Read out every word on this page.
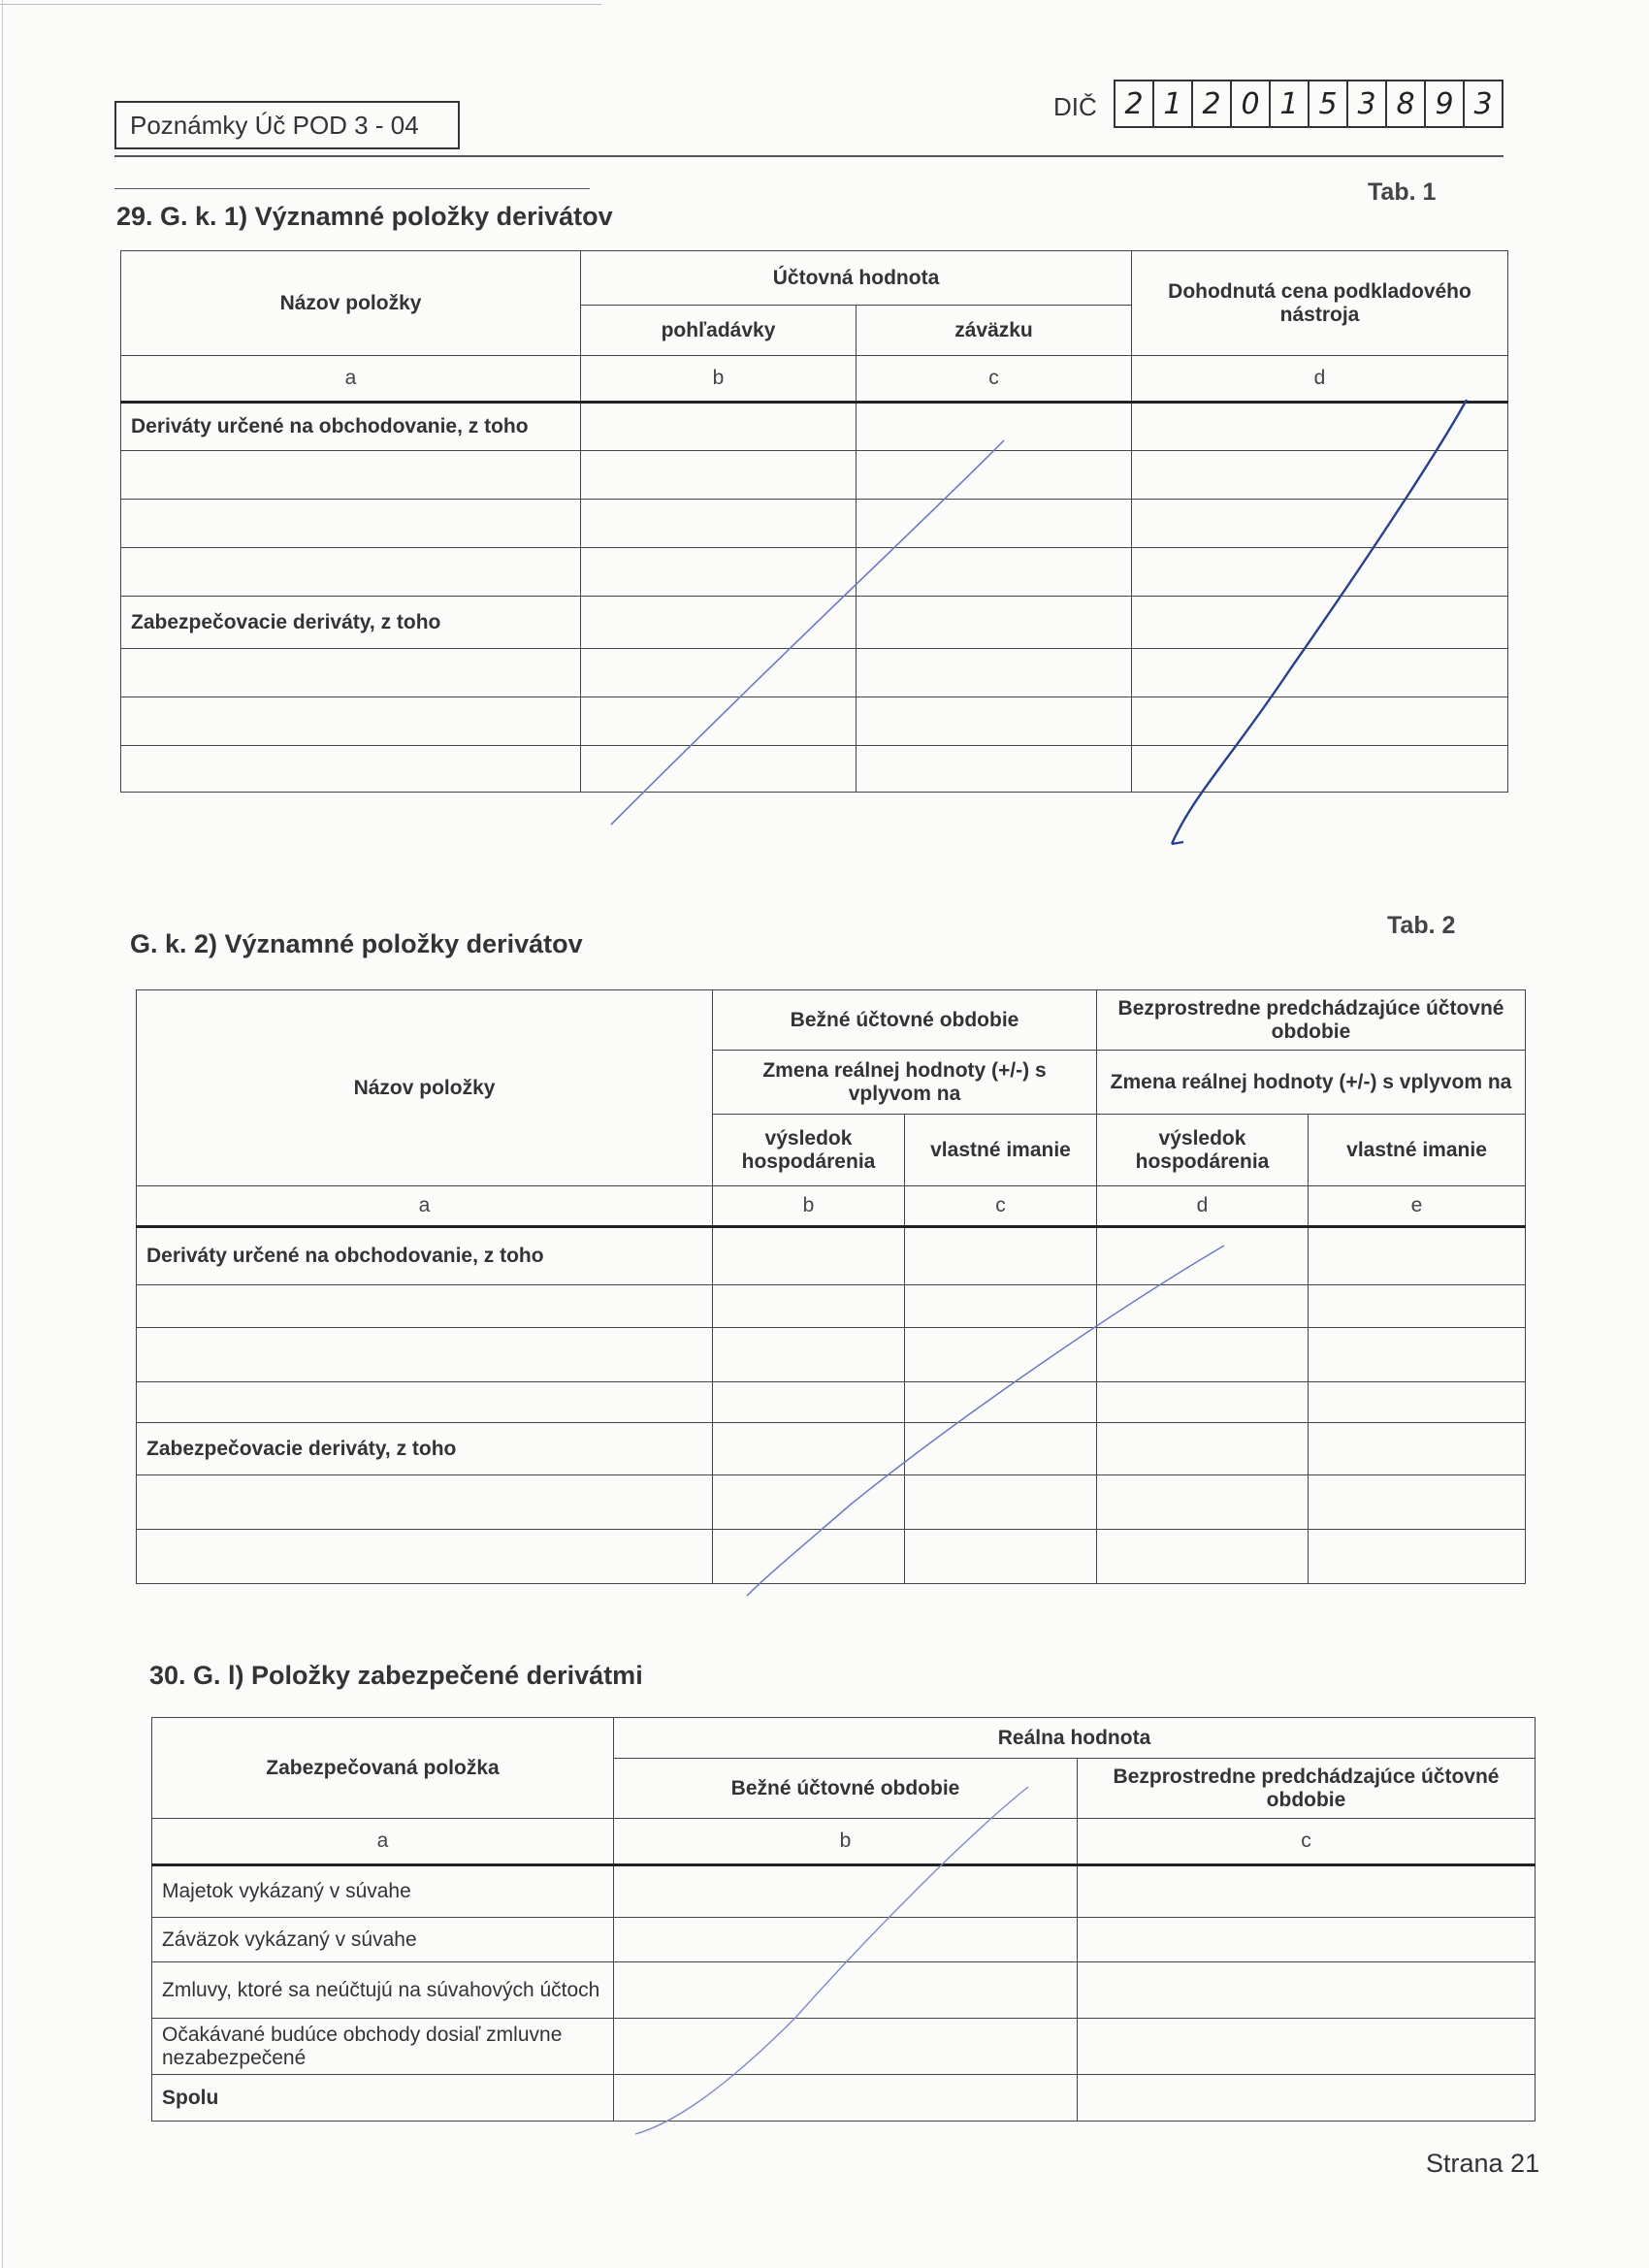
Poznámky Úč POD 3 - 04
DIČ 2 1 2 0 1 5 3 8 9 3
29. G. k. 1) Významné položky derivátov
Tab. 1
Názov položky	Účtovná hodnota		Dohodnutá cena podkladového nástroja
	pohľadávky	záväzku	
a	b	c	d
Deriváty určené na obchodovanie, z toho			

Zabezpečovacie deriváty, z toho			

G. k. 2) Významné položky derivátov
Tab. 2
Názov položky	Bežné účtovné obdobie		Bezprostredne predchádzajúce účtovné obdobie	
	Zmena reálnej hodnoty (+/-) s vplyvom na		Zmena reálnej hodnoty (+/-) s vplyvom na	
	výsledok hospodárenia	vlastné imanie	výsledok hospodárenia	vlastné imanie
a	b	c	d	e
Deriváty určené na obchodovanie, z toho				

Zabezpečovacie deriváty, z toho				

30. G. l) Položky zabezpečené derivátmi
Zabezpečovaná položka	Reálna hodnota	
	Bežné účtovné obdobie	Bezprostredne predchádzajúce účtovné obdobie
a	b	c
Majetok vykázaný v súvahe		
Záväzok vykázaný v súvahe		
Zmluvy, ktoré sa neúčtujú na súvahových účtoch		
Očakávané budúce obchody dosiaľ zmluvne nezabezpečené		
Spolu		
Strana 21
